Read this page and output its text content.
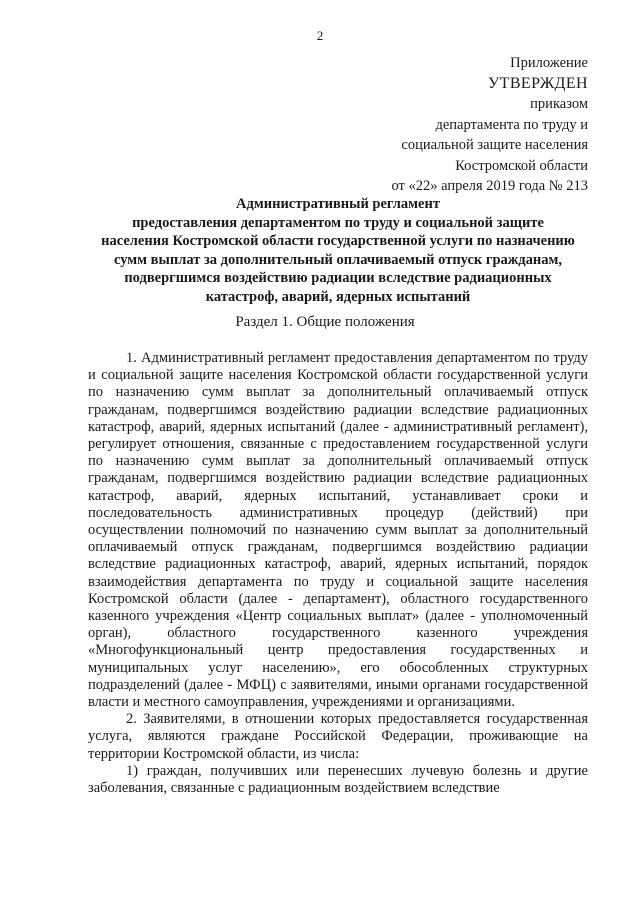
2
Приложение
УТВЕРЖДЕН
приказом
департамента по труду и
социальной защите населения
Костромской области
от «22» апреля 2019 года № 213
Административный регламент
предоставления департаментом по труду и социальной защите
населения Костромской области государственной услуги по назначению
сумм выплат за дополнительный оплачиваемый отпуск гражданам,
подвергшимся воздействию радиации вследствие радиационных
катастроф, аварий, ядерных испытаний
Раздел 1. Общие положения

1. Административный регламент предоставления департаментом по труду и социальной защите населения Костромской области государственной услуги по назначению сумм выплат за дополнительный оплачиваемый отпуск гражданам, подвергшимся воздействию радиации вследствие радиационных катастроф, аварий, ядерных испытаний (далее - административный регламент), регулирует отношения, связанные с предоставлением государственной услуги по назначению сумм выплат за дополнительный оплачиваемый отпуск гражданам, подвергшимся воздействию радиации вследствие радиационных катастроф, аварий, ядерных испытаний, устанавливает сроки и последовательность административных процедур (действий) при осуществлении полномочий по назначению сумм выплат за дополнительный оплачиваемый отпуск гражданам, подвергшимся воздействию радиации вследствие радиационных катастроф, аварий, ядерных испытаний, порядок взаимодействия департамента по труду и социальной защите населения Костромской области (далее - департамент), областного государственного казенного учреждения «Центр социальных выплат» (далее - уполномоченный орган), областного государственного казенного учреждения «Многофункциональный центр предоставления государственных и муниципальных услуг населению», его обособленных структурных подразделений (далее - МФЦ) с заявителями, иными органами государственной власти и местного самоуправления, учреждениями и организациями.

2. Заявителями, в отношении которых предоставляется государственная услуга, являются граждане Российской Федерации, проживающие на территории Костромской области, из числа:

1) граждан, получивших или перенесших лучевую болезнь и другие заболевания, связанные с радиационным воздействием вследствие
